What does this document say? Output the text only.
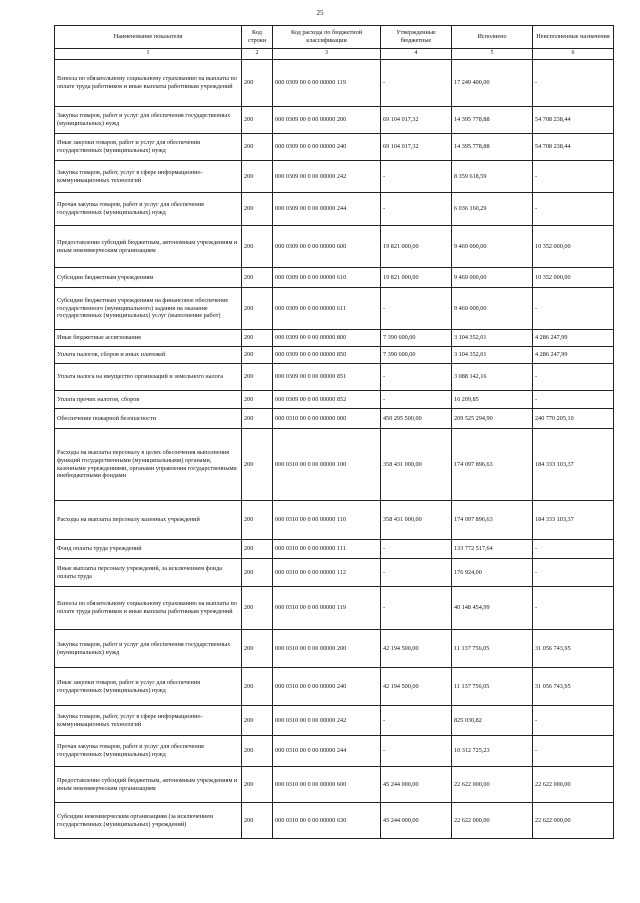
25
Наименование показателя	Код строки	Код расхода по бюджетной классификации	Утвержденные бюджетные	Исполнено	Неисполненные назначения
1	2	3	4	5	6
Взносы по обязательному социальному страхованию на выплаты по оплате труда работников и иные выплаты работникам учреждений	200	000 0309 00 0 00 00000 119	-	17 249 400,00	-
Закупка товаров, работ и услуг для обеспечения государственных (муниципальных) нужд	200	000 0309 00 0 00 00000 200	69 104 017,32	14 395 778,88	54 708 238,44
Иные закупки товаров, работ и услуг для обеспечения государственных (муниципальных) нужд	200	000 0309 00 0 00 00000 240	69 104 017,32	14 395 778,88	54 708 238,44
Закупка товаров, работ, услуг в сфере информационно-коммуникационных технологий	200	000 0309 00 0 00 00000 242	-	8 359 618,59	-
Прочая закупка товаров, работ и услуг для обеспечения государственных (муниципальных) нужд	200	000 0309 00 0 00 00000 244	-	6 036 160,29	-
Предоставление субсидий бюджетным, автономным учреждениям и иным некоммерческим организациям	200	000 0309 00 0 00 00000 600	19 821 000,00	9 469 000,00	10 352 000,00
Субсидии бюджетным учреждениям	200	000 0309 00 0 00 00000 610	19 821 000,00	9 469 000,00	10 352 000,00
Субсидии бюджетным учреждениям на финансовое обеспечение государственного (муниципального) задания на оказание государственных (муниципальных) услуг (выполнение работ)	200	000 0309 00 0 00 00000 611	-	9 469 000,00	-
Иные бюджетные ассигнования	200	000 0309 00 0 00 00000 800	7 390 600,00	3 104 352,01	4 286 247,99
Уплата налогов, сборов и иных платежей	200	000 0309 00 0 00 00000 850	7 390 600,00	3 104 352,01	4 286 247,99
Уплата налога на имущество организаций и земельного налога	200	000 0309 00 0 00 00000 851	-	3 088 142,16	-
Уплата прочих налогов, сборов	200	000 0309 00 0 00 00000 852	-	16 209,85	-
Обеспечение пожарной безопасности	200	000 0310 00 0 00 00000 000	450 295 500,00	209 525 294,90	240 770 205,10
Расходы на выплаты персоналу в целях обеспечения выполнения функций государственными (муниципальными) органами, казенными учреждениями, органами управления государственными внебюджетными фондами	200	000 0310 00 0 00 00000 100	358 431 000,00	174 097 896,63	184 333 103,37
Расходы на выплаты персоналу казенных учреждений	200	000 0310 00 0 00 00000 110	358 431 000,00	174 097 896,63	184 333 103,37
Фонд оплаты труда учреждений	200	000 0310 00 0 00 00000 111	-	133 772 517,64	-
Иные выплаты персоналу учреждений, за исключением фонда оплаты труда	200	000 0310 00 0 00 00000 112	-	176 924,00	-
Взносы по обязательному социальному страхованию на выплаты по оплате труда работников и иные выплаты работникам учреждений	200	000 0310 00 0 00 00000 119	-	40 148 454,99	-
Закупка товаров, работ и услуг для обеспечения государственных (муниципальных) нужд	200	000 0310 00 0 00 00000 200	42 194 500,00	11 137 756,05	31 056 743,95
Иные закупки товаров, работ и услуг для обеспечения государственных (муниципальных) нужд	200	000 0310 00 0 00 00000 240	42 194 500,00	11 137 756,05	31 056 743,95
Закупка товаров, работ, услуг в сфере информационно-коммуникационных технологий	200	000 0310 00 0 00 00000 242	-	825 030,82	-
Прочая закупка товаров, работ и услуг для обеспечения государственных (муниципальных) нужд	200	000 0310 00 0 00 00000 244	-	10 312 725,23	-
Предоставление субсидий бюджетным, автономным учреждениям и иным некоммерческим организациям	200	000 0310 00 0 00 00000 600	45 244 000,00	22 622 000,00	22 622 000,00
Субсидии некоммерческим организациям (за исключением государственных (муниципальных) учреждений)	200	000 0310 00 0 00 00000 630	45 244 000,00	22 622 000,00	22 622 000,00
